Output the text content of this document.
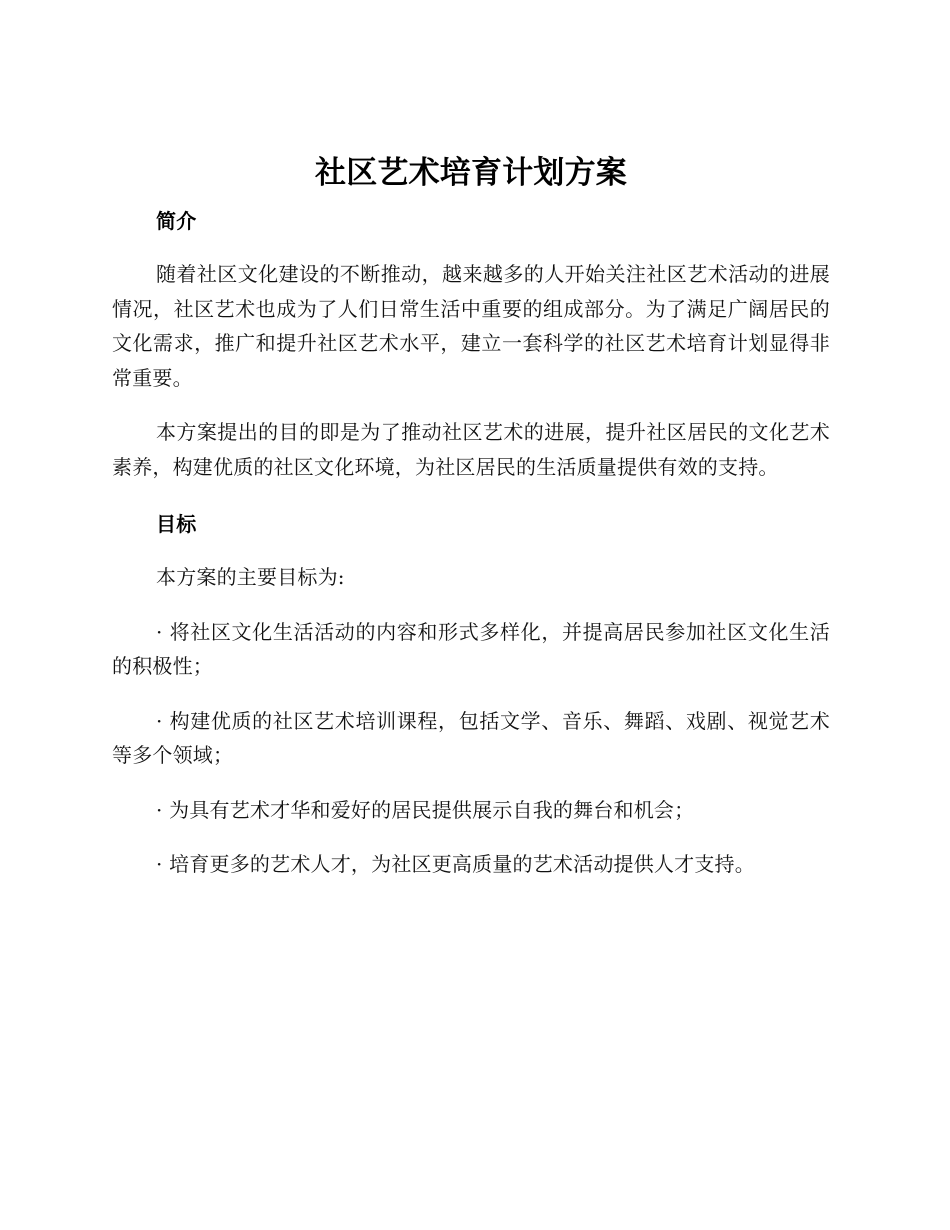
社区艺术培育计划方案
简介

随着社区文化建设的不断推动，越来越多的人开始关注社区艺术活动的进展情况，社区艺术也成为了人们日常生活中重要的组成部分。为了满足广阔居民的文化需求，推广和提升社区艺术水平，建立一套科学的社区艺术培育计划显得非常重要。

本方案提出的目的即是为了推动社区艺术的进展，提升社区居民的文化艺术素养，构建优质的社区文化环境，为社区居民的生活质量提供有效的支持。

目标

本方案的主要目标为:

· 将社区文化生活活动的内容和形式多样化，并提高居民参加社区文化生活的积极性；

· 构建优质的社区艺术培训课程，包括文学、音乐、舞蹈、戏剧、视觉艺术等多个领域；

· 为具有艺术才华和爱好的居民提供展示自我的舞台和机会；

· 培育更多的艺术人才，为社区更高质量的艺术活动提供人才支持。
